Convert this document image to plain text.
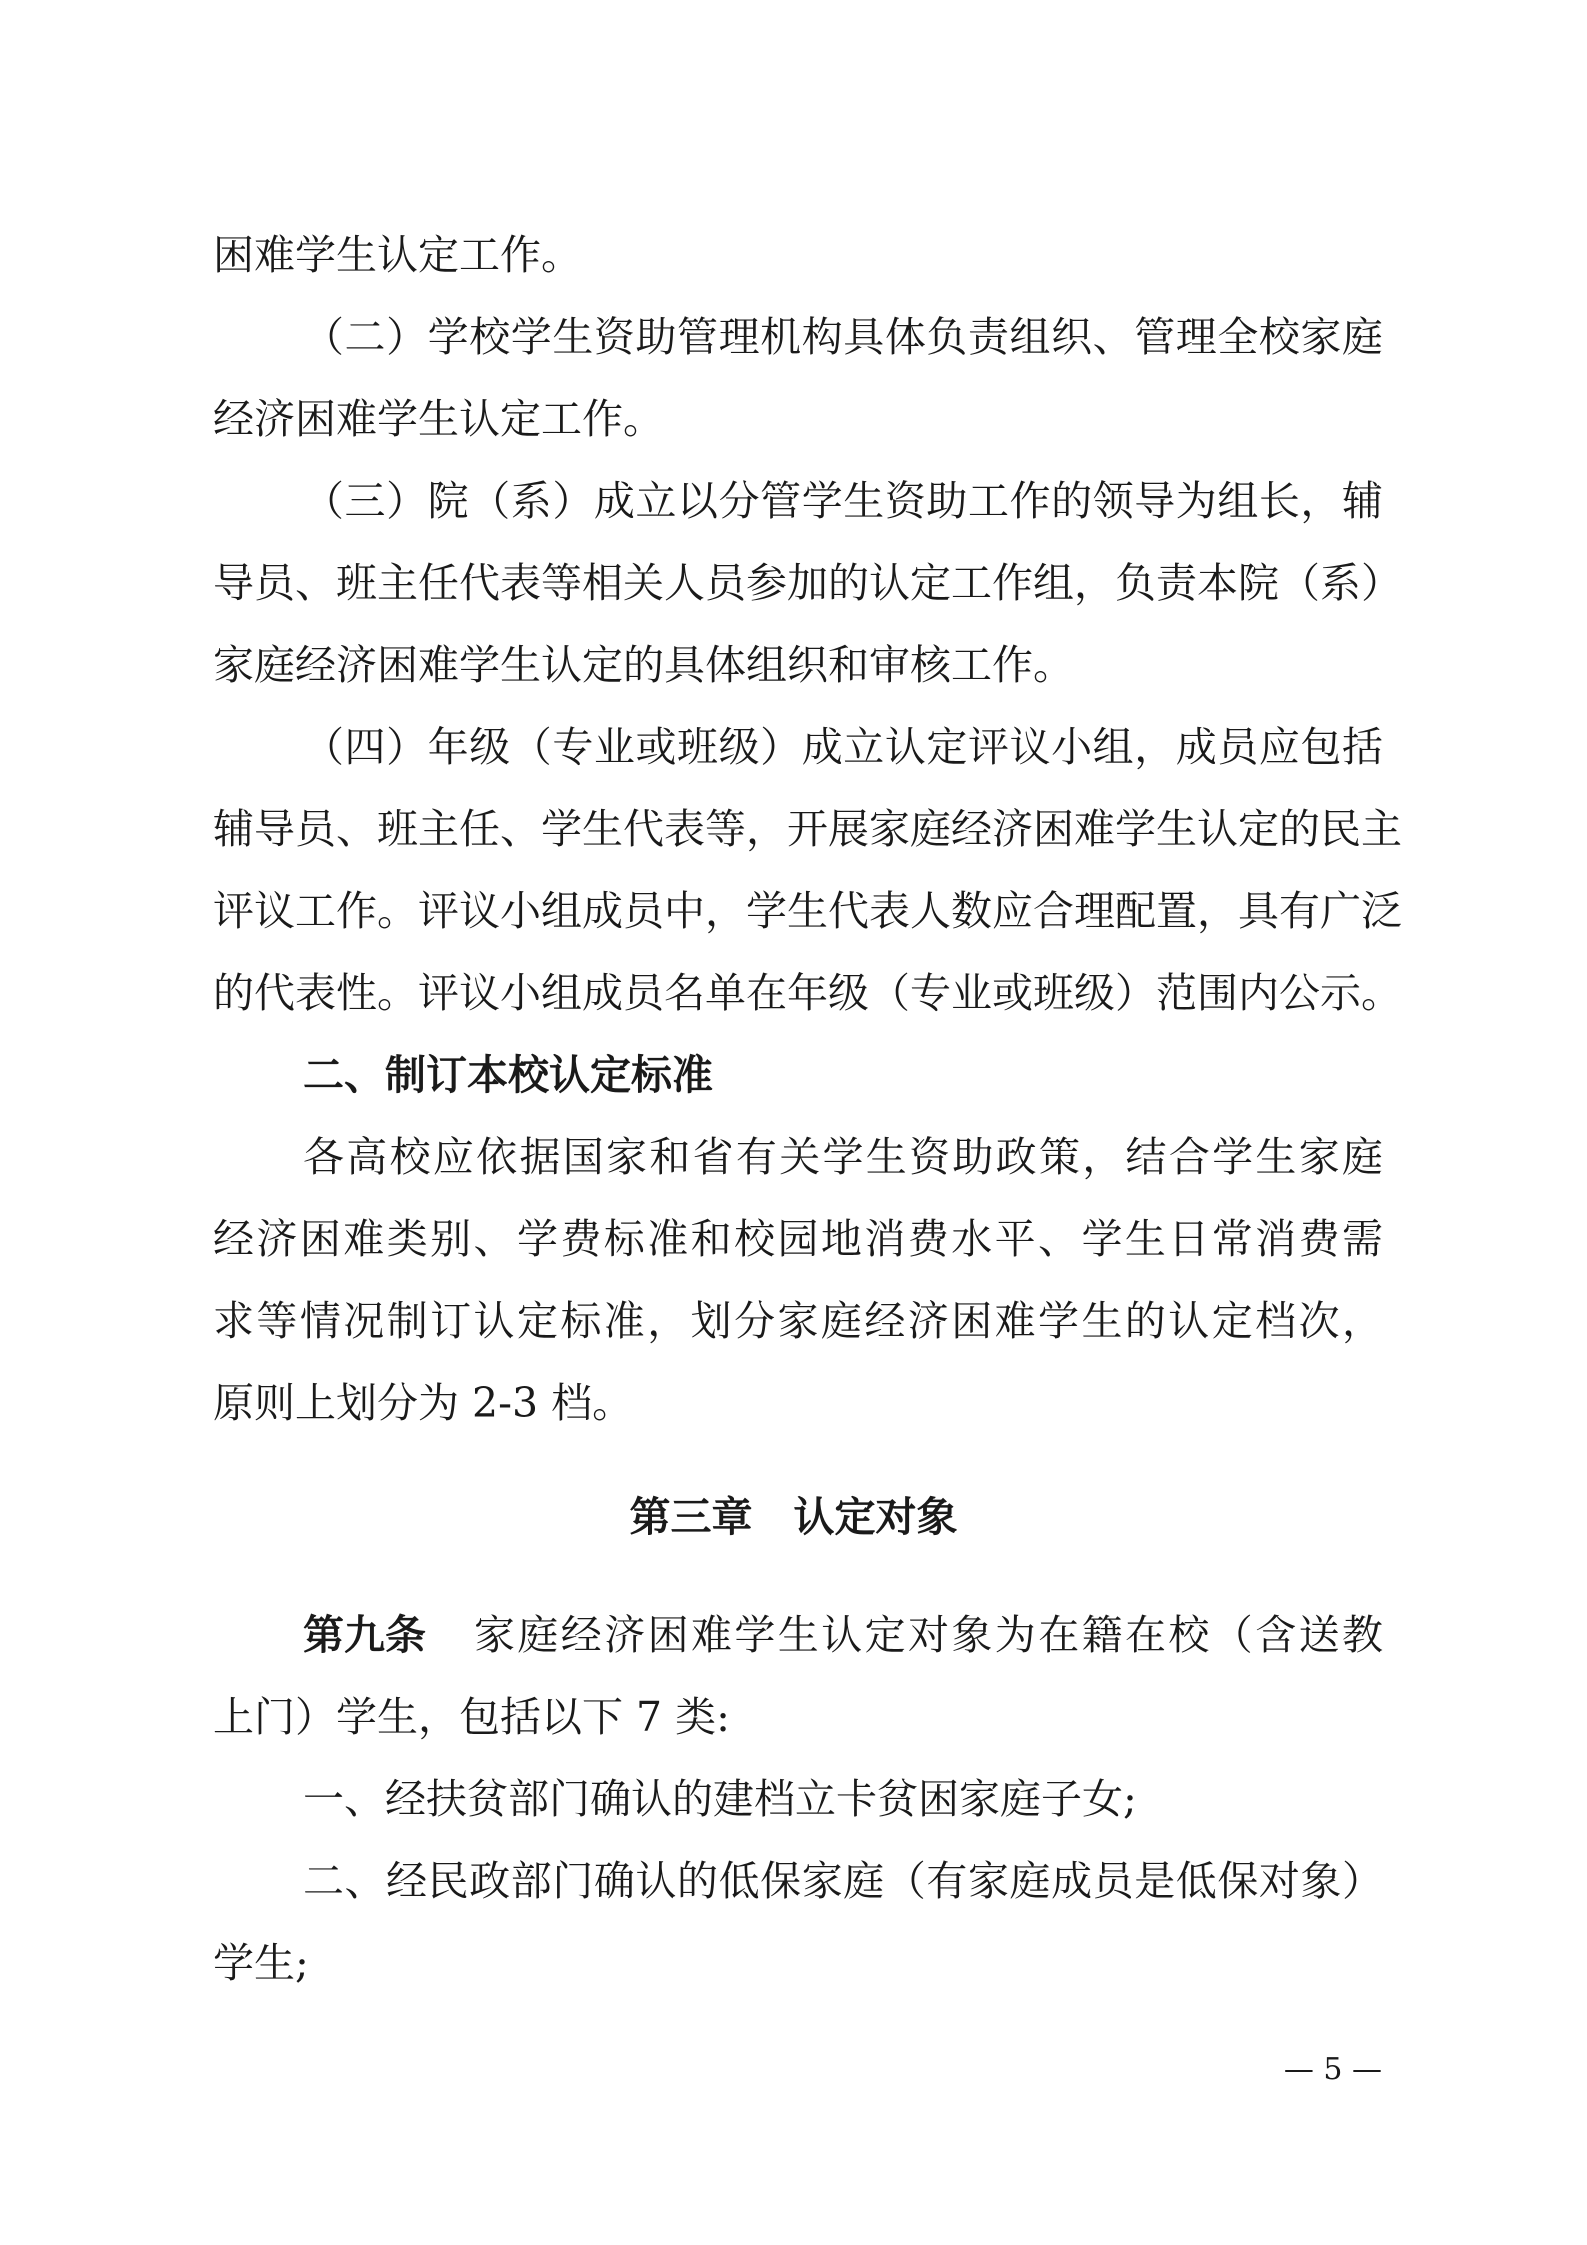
困难学生认定工作。
（二）学校学生资助管理机构具体负责组织、管理全校家庭
经济困难学生认定工作。
（三）院（系）成立以分管学生资助工作的领导为组长，辅
导员、班主任代表等相关人员参加的认定工作组，负责本院（系）
家庭经济困难学生认定的具体组织和审核工作。
（四）年级（专业或班级）成立认定评议小组，成员应包括
辅导员、班主任、学生代表等，开展家庭经济困难学生认定的民主
评议工作。评议小组成员中，学生代表人数应合理配置，具有广泛
的代表性。评议小组成员名单在年级（专业或班级）范围内公示。
二、制订本校认定标准
各高校应依据国家和省有关学生资助政策，结合学生家庭
经济困难类别、学费标准和校园地消费水平、学生日常消费需
求等情况制订认定标准，划分家庭经济困难学生的认定档次，
原则上划分为 2-3 档。
第三章　认定对象
第九条 家庭经济困难学生认定对象为在籍在校（含送教
上门）学生，包括以下 7 类:
一、经扶贫部门确认的建档立卡贫困家庭子女;
二、经民政部门确认的低保家庭（有家庭成员是低保对象）
学生;
— 5 —
